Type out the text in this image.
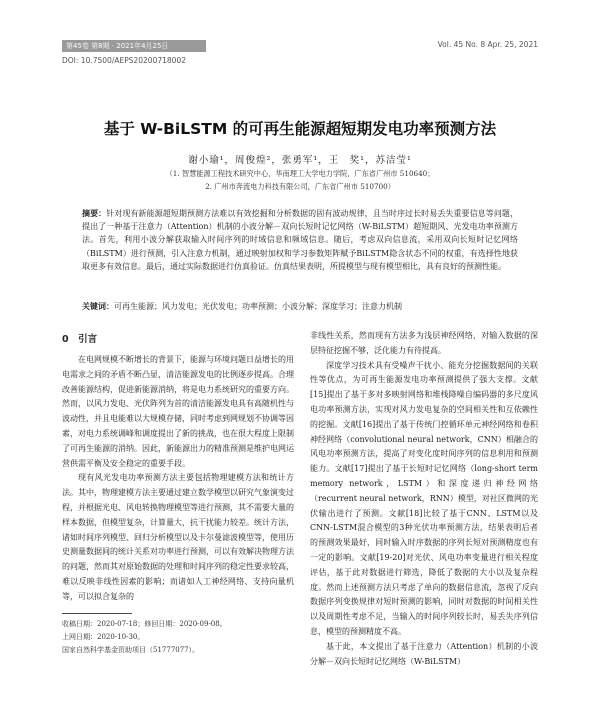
第45卷 第8期 · 2021年4月25日	Vol. 45 No. 8 Apr. 25, 2021
DOI: 10.7500/AEPS20200718002
基于 W-BiLSTM 的可再生能源超短期发电功率预测方法
谢小瑜¹，周俊煌²，张勇军¹，王　奖¹，苏洁莹¹
（1. 智慧能源工程技术研究中心，华南理工大学电力学院，广东省广州市 510640；
2. 广州市奔流电力科技有限公司，广东省广州市 510700）
摘要：针对现有新能源超短期预测方法难以有效挖掘和分析数据的固有波动规律，且当时序过长时易丢失重要信息等问题，提出了一种基于注意力（Attention）机制的小波分解－双向长短时记忆网络（W-BiLSTM）超短期风、光发电功率预测方法。首先，利用小波分解获取输入时间序列的时域信息和频域信息。随后，考虑双向信息流，采用双向长短时记忆网络（BiLSTM）进行预测，引入注意力机制，通过映射加权和学习参数矩阵赋予BiLSTM隐含状态不同的权重，有选择性地获取更多有效信息。最后，通过实际数据进行仿真验证。仿真结果表明，所提模型与现有模型相比，具有良好的预测性能。
关键词：可再生能源；风力发电；光伏发电；功率预测；小波分解；深度学习；注意力机制
0　引言

在电网规模不断增长的背景下，能源与环境问题日益增长的用电需求之间的矛盾不断凸显，清洁能源发电的比例逐步提高。合理改善能源结构，促进新能源消纳，将是电力系统研究的重要方向。然而，以风力发电、光伏阵列为首的清洁能源发电具有高随机性与波动性，并且电能难以大规模存储，同时考虑到网规划不协调等因素，对电力系统调峰和调度提出了新的挑战，也在很大程度上限制了可再生能源的消纳。因此，新能源出力的精准预测是维护电网运营供需平衡及安全稳定的重要手段。

现有风光发电功率预测方法主要包括物理建模方法和统计方法。其中，物理建模方法主要通过建立数学模型以研究气象演变过程，并根据光电、风电转换物理模型等进行预测，其不需要大量的样本数据，但模型复杂，计算量大，抗干扰能力较差。统计方法，诸如时间序列模型、回归分析模型以及卡尔曼滤波模型等，使用历史测量数据间的统计关系对功率进行预测，可以有效解决物理方法的问题，然而其对原始数据的处理和时间序列的稳定性要求较高，难以反映非线性因素的影响；而诸如人工神经网络、支持向量机等，可以拟合复杂的

收稿日期：2020-07-18；修回日期：2020-09-08。
上网日期：2020-10-30。
国家自然科学基金资助项目（51777077）。

非线性关系，然而现有方法多为浅层神经网络，对输入数据的深层特征挖掘不够，泛化能力有待提高。

深度学习技术具有受噪声干扰小、能充分挖掘数据间的关联性等优点，为可再生能源发电功率预测提供了强大支撑。文献[15]提出了基于多对多映射网络和堆栈降噪自编码器的多尺度风电功率预测方法，实现对风力发电复杂的空间相关性和互依赖性的挖掘。文献[16]提出了基于传统门控循环单元神经网络和卷积神经网络（convolutional neural network，CNN）相融合的风电功率预测方法，提高了对变化度时间序列的信息利用和预测能力。文献[17]提出了基于长短时记忆网络（long-short term memory network，LSTM）和深度递归神经网络（recurrent neural network，RNN）模型，对社区微网的光伏输出进行了预测。文献[18]比较了基于CNN、LSTM以及CNN-LSTM混合模型的3种光伏功率预测方法，结果表明后者的预测效果最好，同时输入时序数据的序列长短对预测精度也有一定的影响。文献[19-20]对光伏、风电功率变量进行相关程度评估，基于此对数据进行筛选，降低了数据的大小以及复杂程度。然而上述预测方法只考虑了单向的数据信息流，忽视了反向数据序列变换规律对短时预测的影响，同时对数据的时间相关性以及周期性考虑不足，当输入的时间序列较长时，易丢失序列信息，模型的预测精度不高。

基于此，本文提出了基于注意力（Attention）机制的小波分解－双向长短时记忆网络（W-BiLSTM）
